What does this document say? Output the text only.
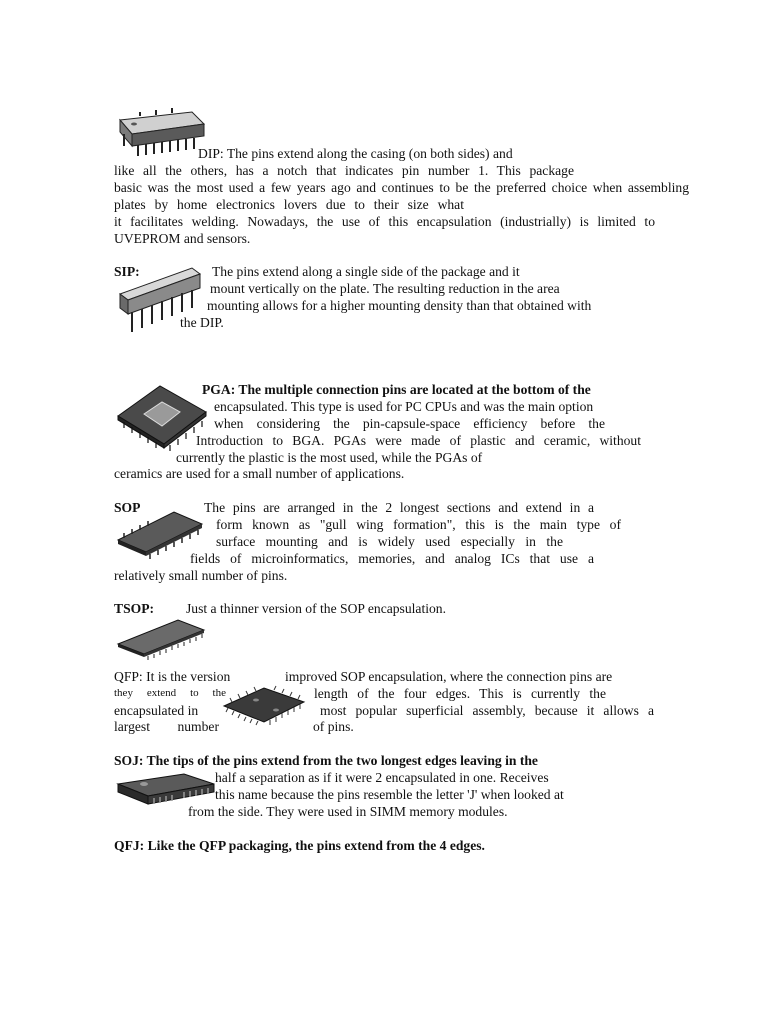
DIP: The pins extend along the casing (on both sides) and
like all the others, has a notch that indicates pin number 1. This package
basic was the most used a few years ago and continues to be the preferred choice when assembling
plates by home electronics lovers due to their size what
it facilitates welding. Nowadays, the use of this encapsulation (industrially) is limited to
UVEPROM and sensors.
SIP:	The pins extend along a single side of the package and it
mount vertically on the plate. The resulting reduction in the area
mounting allows for a higher mounting density than that obtained with
the DIP.
PGA: The multiple connection pins are located at the bottom of the
encapsulated. This type is used for PC CPUs and was the main option
when considering the pin-capsule-space efficiency before the
Introduction to BGA. PGAs were made of plastic and ceramic, without
currently the plastic is the most used, while the PGAs of
ceramics are used for a small number of applications.
SOP	The pins are arranged in the 2 longest sections and extend in a
form known as "gull wing formation", this is the main type of
surface mounting and is widely used especially in the
fields of microinformatics, memories, and analog ICs that use a
relatively small number of pins.
TSOP: Just a thinner version of the SOP encapsulation.
QFP: It is the version	improved SOP encapsulation, where the connection pins are
they extend to the	length of the four edges. This is currently the
encapsulated in	most popular superficial assembly, because it allows a
largest number	of pins.
SOJ: The tips of the pins extend from the two longest edges leaving in the
half a separation as if it were 2 encapsulated in one. Receives
this name because the pins resemble the letter 'J' when looked at
from the side. They were used in SIMM memory modules.
QFJ: Like the QFP packaging, the pins extend from the 4 edges.
